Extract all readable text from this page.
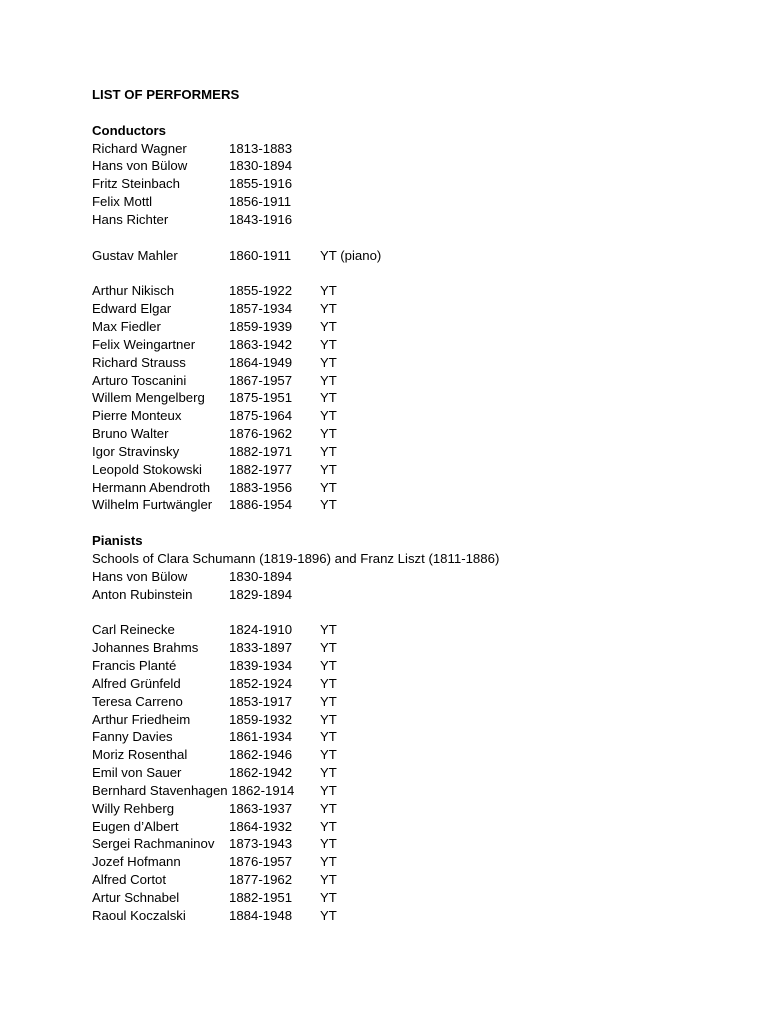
LIST OF PERFORMERS
Conductors
Richard Wagner	1813-1883
Hans von Bülow	1830-1894
Fritz Steinbach	1855-1916
Felix Mottl	1856-1911
Hans Richter	1843-1916
Gustav Mahler	1860-1911 YT (piano)
Arthur Nikisch	1855-1922 YT
Edward Elgar	1857-1934 YT
Max Fiedler	1859-1939 YT
Felix Weingartner	1863-1942 YT
Richard Strauss	1864-1949 YT
Arturo Toscanini	1867-1957 YT
Willem Mengelberg 1875-1951 YT
Pierre Monteux	1875-1964 YT
Bruno Walter	1876-1962 YT
Igor Stravinsky	1882-1971 YT
Leopold Stokowski 1882-1977 YT
Hermann Abendroth 1883-1956 YT
Wilhelm Furtwängler 1886-1954 YT
Pianists
Schools of Clara Schumann (1819-1896) and Franz Liszt (1811-1886)
Hans von Bülow	1830-1894
Anton Rubinstein	1829-1894
Carl Reinecke	1824-1910 YT
Johannes Brahms 1833-1897 YT
Francis Planté	1839-1934 YT
Alfred Grünfeld	1852-1924 YT
Teresa Carreno	1853-1917 YT
Arthur Friedheim	1859-1932 YT
Fanny Davies	1861-1934 YT
Moriz Rosenthal	1862-1946 YT
Emil von Sauer	1862-1942 YT
Bernhard Stavenhagen 1862-1914 YT
Willy Rehberg	1863-1937 YT
Eugen d’Albert	1864-1932 YT
Sergei Rachmaninov 1873-1943 YT
Jozef Hofmann	1876-1957 YT
Alfred Cortot	1877-1962 YT
Artur Schnabel	1882-1951 YT
Raoul Koczalski	1884-1948 YT
